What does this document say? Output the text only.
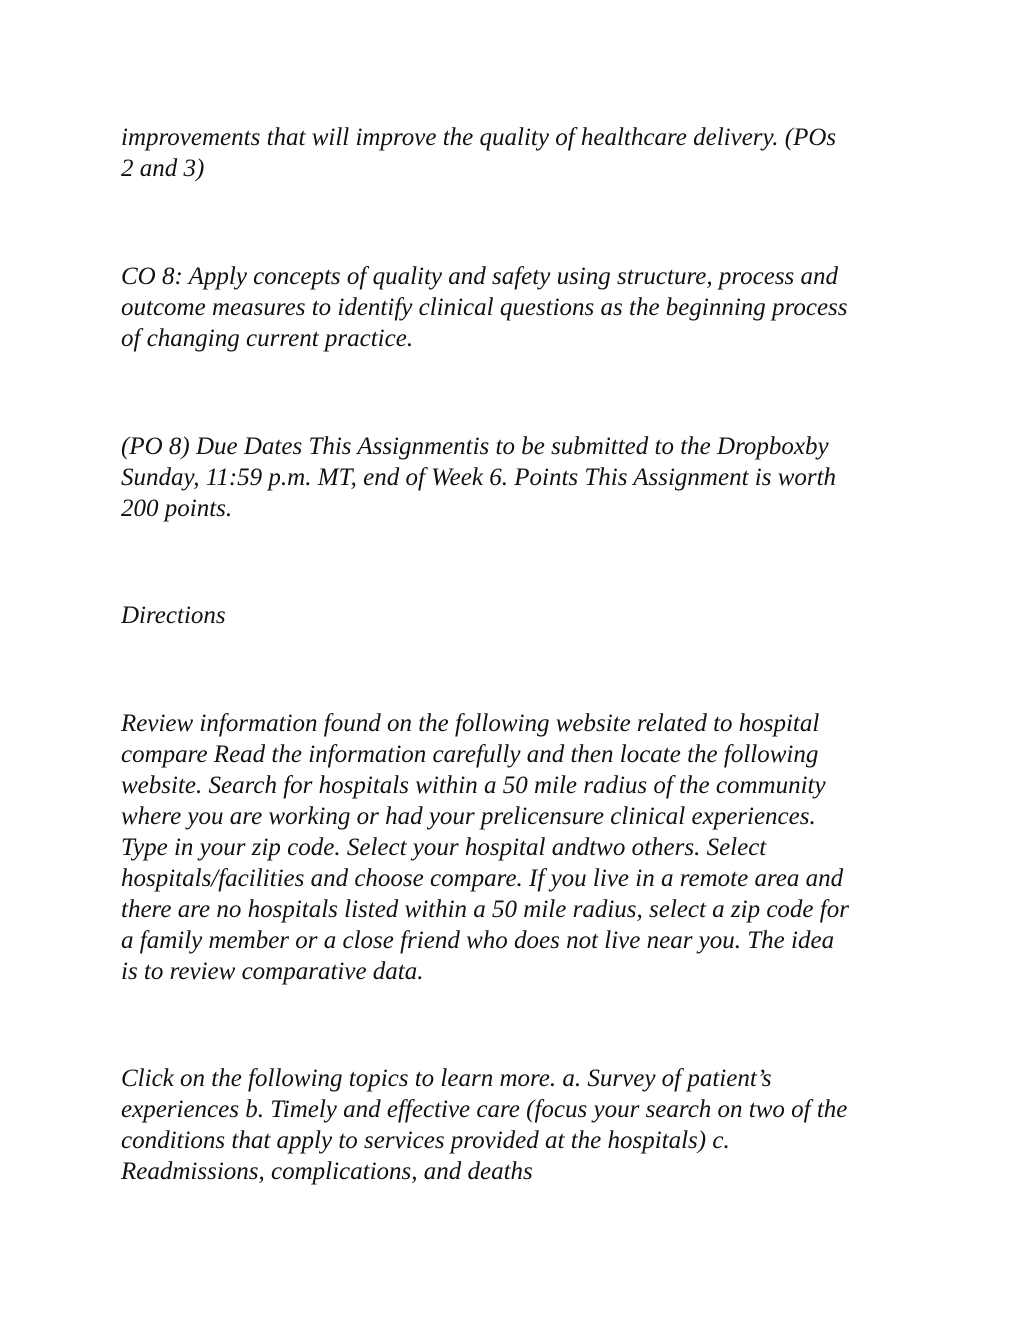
improvements that will improve the quality of healthcare delivery. (POs
2 and 3)

CO 8: Apply concepts of quality and safety using structure, process and
outcome measures to identify clinical questions as the beginning process
of changing current practice.

(PO 8) Due Dates This Assignmentis to be submitted to the Dropboxby
Sunday, 11:59 p.m. MT, end of Week 6. Points This Assignment is worth
200 points.

Directions

Review information found on the following website related to hospital
compare Read the information carefully and then locate the following
website. Search for hospitals within a 50 mile radius of the community
where you are working or had your prelicensure clinical experiences.
Type in your zip code. Select your hospital andtwo others. Select
hospitals/facilities and choose compare. If you live in a remote area and
there are no hospitals listed within a 50 mile radius, select a zip code for
a family member or a close friend who does not live near you. The idea
is to review comparative data.

Click on the following topics to learn more. a. Survey of patient’s
experiences b. Timely and effective care (focus your search on two of the
conditions that apply to services provided at the hospitals) c.
Readmissions, complications, and deaths
